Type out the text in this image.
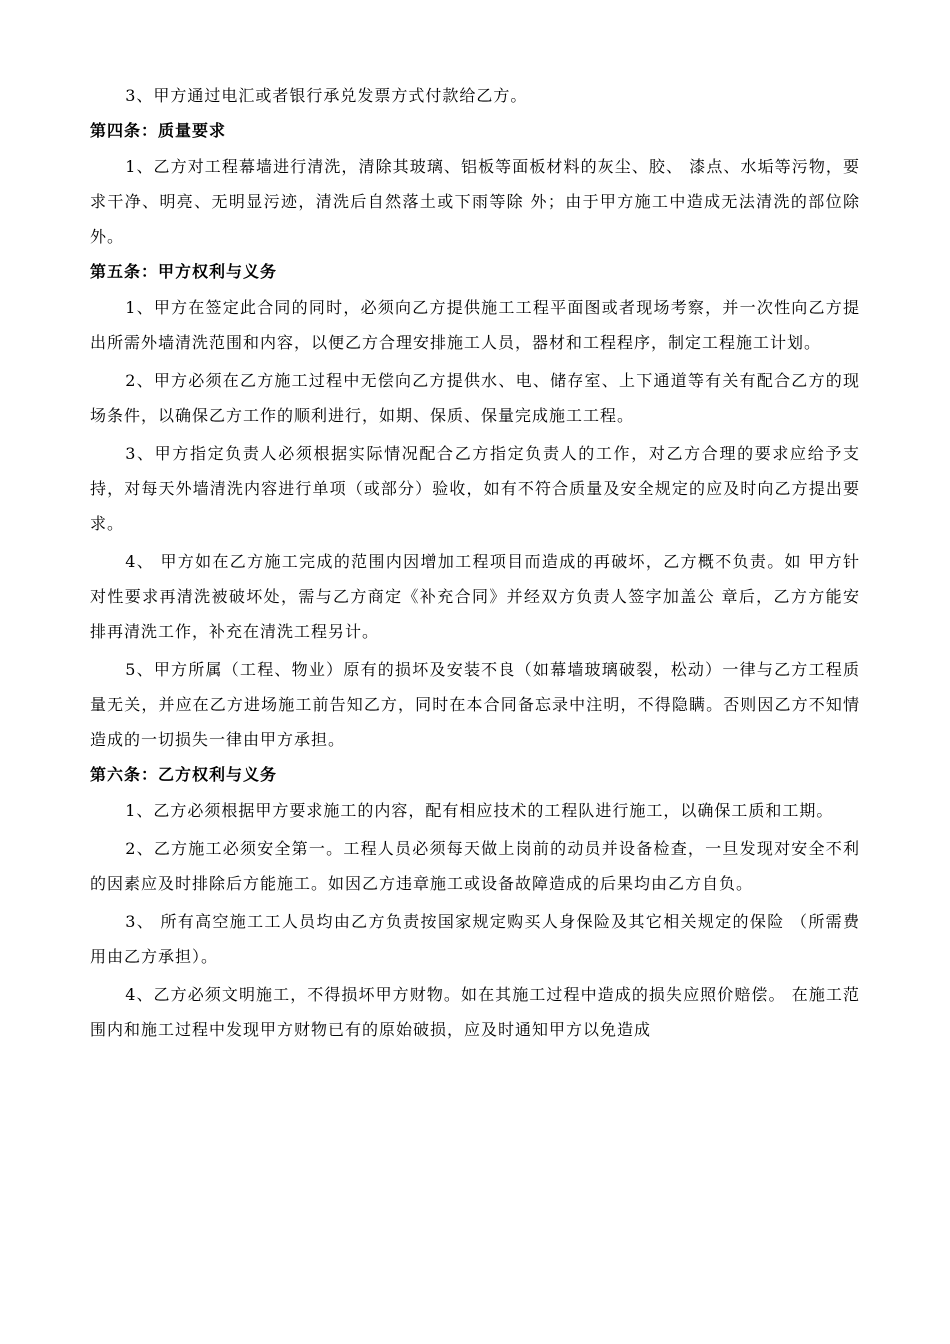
3、甲方通过电汇或者银行承兑发票方式付款给乙方。

第四条：质量要求

1、乙方对工程幕墙进行清洗，清除其玻璃、铝板等面板材料的灰尘、胶、 漆点、水垢等污物，要求干净、明亮、无明显污迹，清洗后自然落土或下雨等除 外；由于甲方施工中造成无法清洗的部位除外。

第五条：甲方权利与义务

1、甲方在签定此合同的同时，必须向乙方提供施工工程平面图或者现场考察，并一次性向乙方提出所需外墙清洗范围和内容，以便乙方合理安排施工人员，器材和工程程序，制定工程施工计划。

2、甲方必须在乙方施工过程中无偿向乙方提供水、电、储存室、上下通道等有关有配合乙方的现场条件，以确保乙方工作的顺利进行，如期、保质、保量完成施工工程。

3、甲方指定负责人必须根据实际情况配合乙方指定负责人的工作，对乙方合理的要求应给予支持，对每天外墙清洗内容进行单项（或部分）验收，如有不符合质量及安全规定的应及时向乙方提出要求。

4、 甲方如在乙方施工完成的范围内因增加工程项目而造成的再破坏，乙方概不负责。如 甲方针对性要求再清洗被破坏处，需与乙方商定《补充合同》并经双方负责人签字加盖公 章后，乙方方能安排再清洗工作，补充在清洗工程另计。

5、甲方所属（工程、物业）原有的损坏及安装不良（如幕墙玻璃破裂，松动）一律与乙方工程质量无关，并应在乙方进场施工前告知乙方，同时在本合同备忘录中注明，不得隐瞒。否则因乙方不知情造成的一切损失一律由甲方承担。

第六条：乙方权利与义务

1、乙方必须根据甲方要求施工的内容，配有相应技术的工程队进行施工，以确保工质和工期。

2、乙方施工必须安全第一。工程人员必须每天做上岗前的动员并设备检查，一旦发现对安全不利的因素应及时排除后方能施工。如因乙方违章施工或设备故障造成的后果均由乙方自负。

3、 所有高空施工工人员均由乙方负责按国家规定购买人身保险及其它相关规定的保险 （所需费用由乙方承担）。

4、乙方必须文明施工，不得损坏甲方财物。如在其施工过程中造成的损失应照价赔偿。 在施工范围内和施工过程中发现甲方财物已有的原始破损，应及时通知甲方以免造成
